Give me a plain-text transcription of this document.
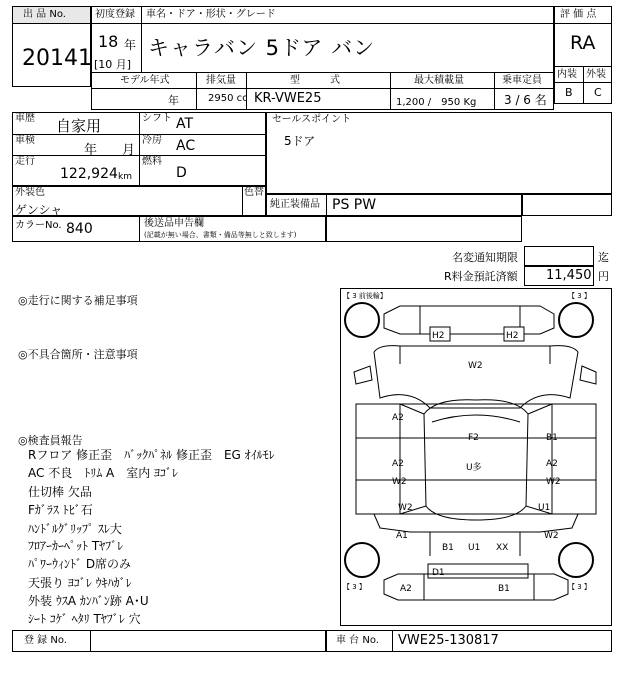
出 品 No.
20141
初度登録 車名・ドア・形状・グレード
18 年
[10 月]
キャラバン 5ドア バン
モデル年式	排気量	型　　　式	最大積載量	乗車定員
年	2950 cc KR-VWE25	1,200 /　950 Kg 3 / 6 名
評 価 点
RA
内装 外装
B C
車歴 自家用	シフト AT
車検
年 月
冷房 AC
走行
122,924 km
燃料
D
セールスポイント
5ドア
外装色
ゲンシャ
色替
純正装備品 PS PW
カラーNo. 840	後送品申告欄
(記載が無い場合、書類・備品等無しと致します)
名変通知期限	迄
R料金預託済額 11,450 円
◎走行に関する補足事項
◎不具合箇所・注意事項
◎検査員報告
Rフロア 修正歪　ﾊﾞｯｸﾊﾟﾈﾙ 修正歪　EG ｵｲﾙﾓﾚ
AC 不良　ﾄﾘﾑ A　室内 ﾖｺﾞﾚ
仕切棒 欠品
Fｶﾞﾗｽ ﾄﾋﾞ石
ﾊﾝﾄﾞﾙｸﾞﾘｯﾌﾟ ｽﾚ大
ﾌﾛｱｰｶｰﾍﾟｯﾄ Tﾔﾌﾞﾚ
ﾊﾟﾜｰｳｨﾝﾄﾞ D席のみ
天張り ﾖｺﾞﾚ ｳｷﾊｶﾞﾚ
外装 ｳｽA ｶﾝﾊﾞﾝ跡 A･U
ｼｰﾄ ｺｹﾞ ﾍﾀﾘ Tﾔﾌﾞﾚ 穴
【 3 前後輪】	【 3 】
【 3 】	【 3 】
H2	H2
W2
A2
B1
F2
U多
A2
W2
A2
W2
W2
A1
U1
W2
B1 U1 XX
D1
A2	B1
登 録 No.	車 台 No. VWE25-130817
